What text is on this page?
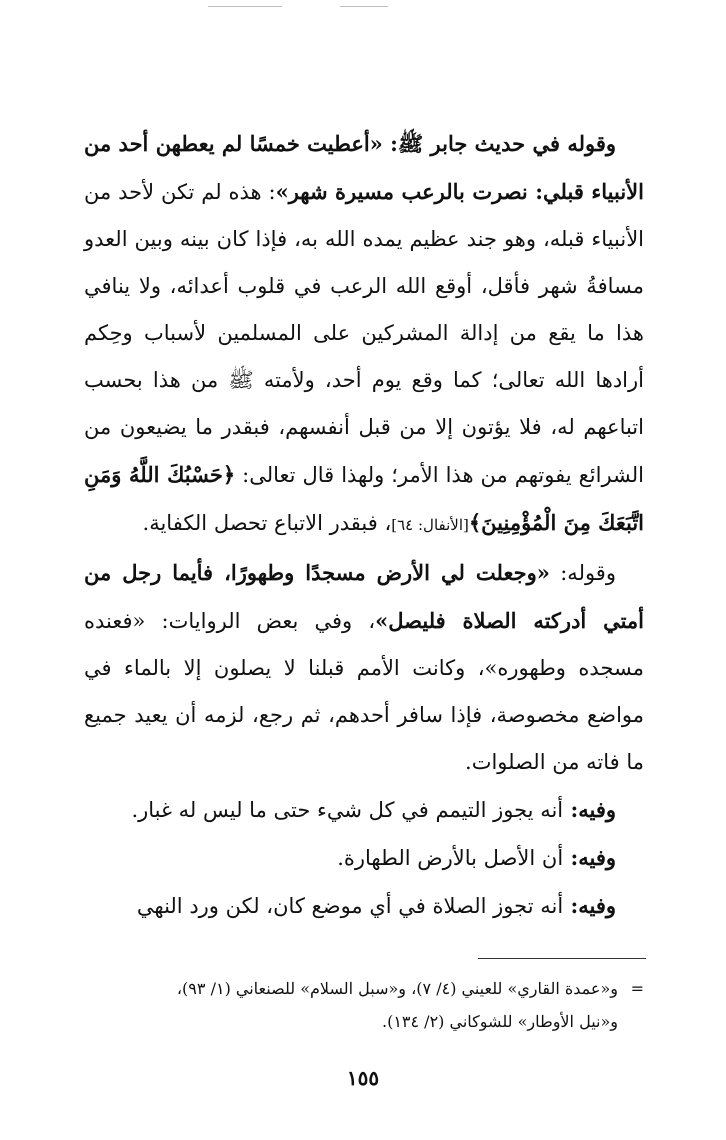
وقوله في حديث جابر ﷺ: «أعطيت خمسًا لم يعطهن أحد من الأنبياء قبلي: نصرت بالرعب مسيرة شهر»: هذه لم تكن لأحد من الأنبياء قبله، وهو جند عظيم يمده الله به، فإذا كان بينه وبين العدو مسافةُ شهر فأقل، أوقع الله الرعب في قلوب أعدائه، ولا ينافي هذا ما يقع من إدالة المشركين على المسلمين لأسباب وحِكم أرادها الله تعالى؛ كما وقع يوم أحد، ولأمته ﷺ من هذا بحسب اتباعهم له، فلا يؤتون إلا من قبل أنفسهم، فبقدر ما يضيعون من الشرائع يفوتهم من هذا الأمر؛ ولهذا قال تعالى: ﴿حَسْبُكَ اللَّهُ وَمَنِ اتَّبَعَكَ مِنَ الْمُؤْمِنِينَ﴾[الأنفال: ٦٤]، فبقدر الاتباع تحصل الكفاية.

وقوله: «وجعلت لي الأرض مسجدًا وطهورًا، فأيما رجل من أمتي أدركته الصلاة فليصل»، وفي بعض الروايات: «فعنده مسجده وطهوره»، وكانت الأمم قبلنا لا يصلون إلا بالماء في مواضع مخصوصة، فإذا سافر أحدهم، ثم رجع، لزمه أن يعيد جميع ما فاته من الصلوات.

وفيه: أنه يجوز التيمم في كل شيء حتى ما ليس له غبار.

وفيه: أن الأصل بالأرض الطهارة.

وفيه: أنه تجوز الصلاة في أي موضع كان، لكن ورد النهي

=و«عمدة القاري» للعيني (٤/ ٧)، و«سبل السلام» للصنعاني (١/ ٩٣)،

و«نيل الأوطار» للشوكاني (٢/ ١٣٤).

١٥٥
